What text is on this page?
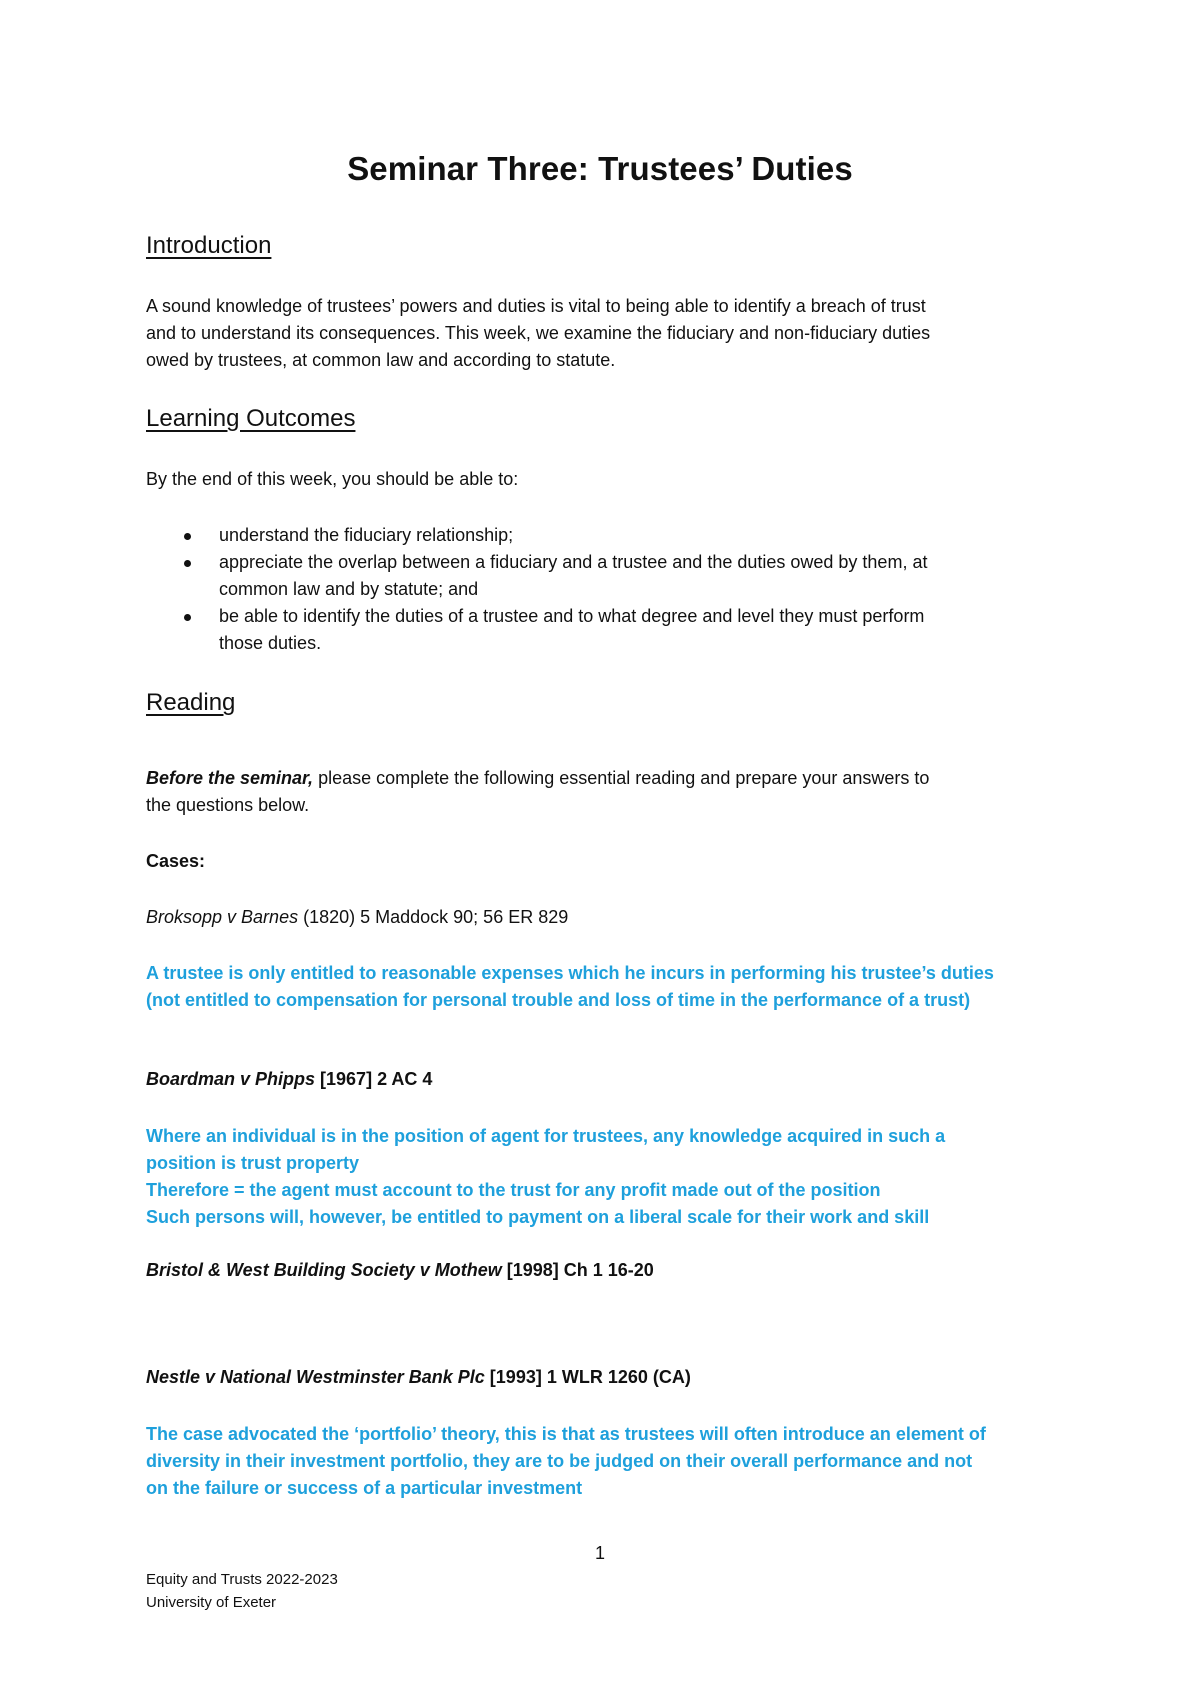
Seminar Three: Trustees’ Duties
Introduction
A sound knowledge of trustees’ powers and duties is vital to being able to identify a breach of trust
and to understand its consequences. This week, we examine the fiduciary and non-fiduciary duties
owed by trustees, at common law and according to statute.
Learning Outcomes
By the end of this week, you should be able to:
understand the fiduciary relationship;
appreciate the overlap between a fiduciary and a trustee and the duties owed by them, at
common law and by statute; and
be able to identify the duties of a trustee and to what degree and level they must perform
those duties.
Reading
Before the seminar, please complete the following essential reading and prepare your answers to
the questions below.
Cases:
Broksopp v Barnes (1820) 5 Maddock 90; 56 ER 829
A trustee is only entitled to reasonable expenses which he incurs in performing his trustee’s duties
(not entitled to compensation for personal trouble and loss of time in the performance of a trust)
Boardman v Phipps [1967] 2 AC 4
Where an individual is in the position of agent for trustees, any knowledge acquired in such a
position is trust property
Therefore = the agent must account to the trust for any profit made out of the position
Such persons will, however, be entitled to payment on a liberal scale for their work and skill
Bristol & West Building Society v Mothew [1998] Ch 1 16-20
Nestle v National Westminster Bank Plc [1993] 1 WLR 1260 (CA)
The case advocated the ‘portfolio’ theory, this is that as trustees will often introduce an element of
diversity in their investment portfolio, they are to be judged on their overall performance and not
on the failure or success of a particular investment
1
Equity and Trusts 2022-2023
University of Exeter
